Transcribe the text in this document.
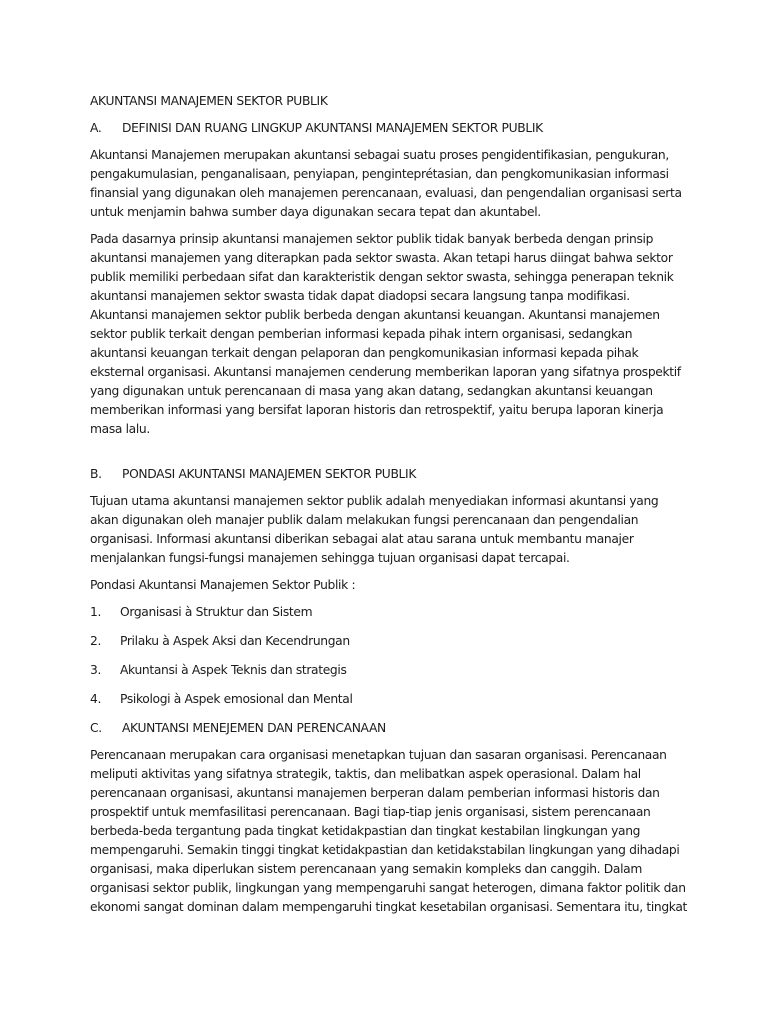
AKUNTANSI MANAJEMEN SEKTOR PUBLIK
A.	DEFINISI DAN RUANG LINGKUP AKUNTANSI MANAJEMEN SEKTOR PUBLIK

Akuntansi Manajemen merupakan akuntansi sebagai suatu proses pengidentifikasian, pengukuran, pengakumulasian, penganalisaan, penyiapan, penginteprétasian, dan pengkomunikasian informasi finansial yang digunakan oleh manajemen perencanaan, evaluasi, dan pengendalian organisasi serta untuk menjamin bahwa sumber daya digunakan secara tepat dan akuntabel.

Pada dasarnya prinsip akuntansi manajemen sektor publik tidak banyak berbeda dengan prinsip akuntansi manajemen yang diterapkan pada sektor swasta. Akan tetapi harus diingat bahwa sektor publik memiliki perbedaan sifat dan karakteristik dengan sektor swasta, sehingga penerapan teknik akuntansi manajemen sektor swasta tidak dapat diadopsi secara langsung tanpa modifikasi. Akuntansi manajemen sektor publik berbeda dengan akuntansi keuangan. Akuntansi manajemen sektor publik terkait dengan pemberian informasi kepada pihak intern organisasi, sedangkan akuntansi keuangan terkait dengan pelaporan dan pengkomunikasian informasi kepada pihak eksternal organisasi. Akuntansi manajemen cenderung memberikan laporan yang sifatnya prospektif yang digunakan untuk perencanaan di masa yang akan datang, sedangkan akuntansi keuangan memberikan informasi yang bersifat laporan historis dan retrospektif, yaitu berupa laporan kinerja masa lalu.

B.	PONDASI AKUNTANSI MANAJEMEN SEKTOR PUBLIK

Tujuan utama akuntansi manajemen sektor publik adalah menyediakan informasi akuntansi yang akan digunakan oleh manajer publik dalam melakukan fungsi perencanaan dan pengendalian organisasi. Informasi akuntansi diberikan sebagai alat atau sarana untuk membantu manajer menjalankan fungsi-fungsi manajemen sehingga tujuan organisasi dapat tercapai.

Pondasi Akuntansi Manajemen Sektor Publik :

1.	Organisasi à Struktur dan Sistem
2.	Prilaku à Aspek Aksi dan Kecendrungan
3.	Akuntansi à Aspek Teknis dan strategis
4.	Psikologi à Aspek emosional dan Mental
C.	AKUNTANSI MENEJEMEN DAN PERENCANAAN

Perencanaan merupakan cara organisasi menetapkan tujuan dan sasaran organisasi. Perencanaan meliputi aktivitas yang sifatnya strategik, taktis, dan melibatkan aspek operasional. Dalam hal perencanaan organisasi, akuntansi manajemen berperan dalam pemberian informasi historis dan prospektif untuk memfasilitasi perencanaan. Bagi tiap-tiap jenis organisasi, sistem perencanaan berbeda-beda tergantung pada tingkat ketidakpastian dan tingkat kestabilan lingkungan yang mempengaruhi. Semakin tinggi tingkat ketidakpastian dan ketidakstabilan lingkungan yang dihadapi organisasi, maka diperlukan sistem perencanaan yang semakin kompleks dan canggih. Dalam organisasi sektor publik, lingkungan yang mempengaruhi sangat heterogen, dimana faktor politik dan ekonomi sangat dominan dalam mempengaruhi tingkat kesetabilan organisasi. Sementara itu, tingkat
